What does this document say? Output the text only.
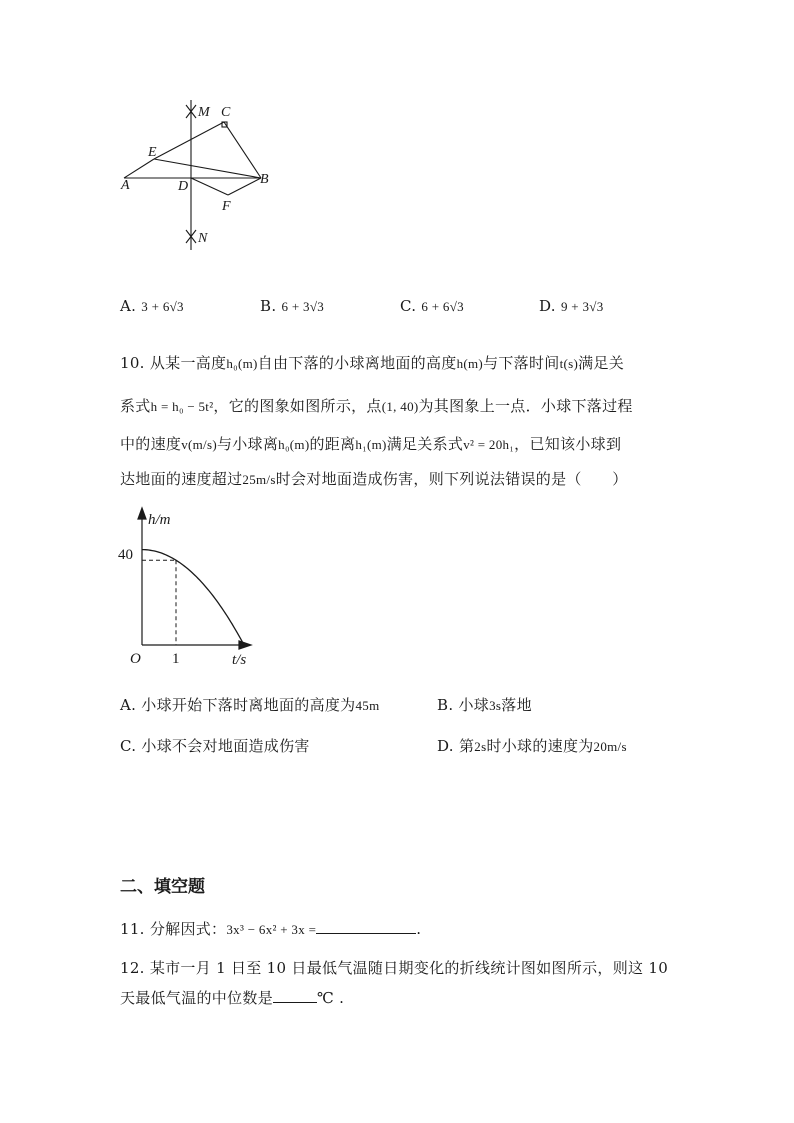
M C
E
A	D	B
F
N
A. 3 + 6√3	B. 6 + 3√3	C. 6 + 6√3	D. 9 + 3√3
10. 从某一高度h₀(m)自由下落的小球离地面的高度h(m)与下落时间t(s)满足关
系式h = h₀ − 5t²，它的图象如图所示，点(1, 40)为其图象上一点．小球下落过程
中的速度v(m/s)与小球离h₀(m)的距离h₁(m)满足关系式v² = 20h₁，已知该小球到
达地面的速度超过25m/s时会对地面造成伤害，则下列说法错误的是（　　）
h/m
t/s
O 1
40
A. 小球开始下落时离地面的高度为45m	B. 小球3s落地
C. 小球不会对地面造成伤害	D. 第2s时小球的速度为20m/s
二、填空题
11. 分解因式：3x³ − 6x² + 3x =	.
12. 某市一月 1 日至 10 日最低气温随日期变化的折线统计图如图所示，则这 10
天最低气温的中位数是	℃ .
